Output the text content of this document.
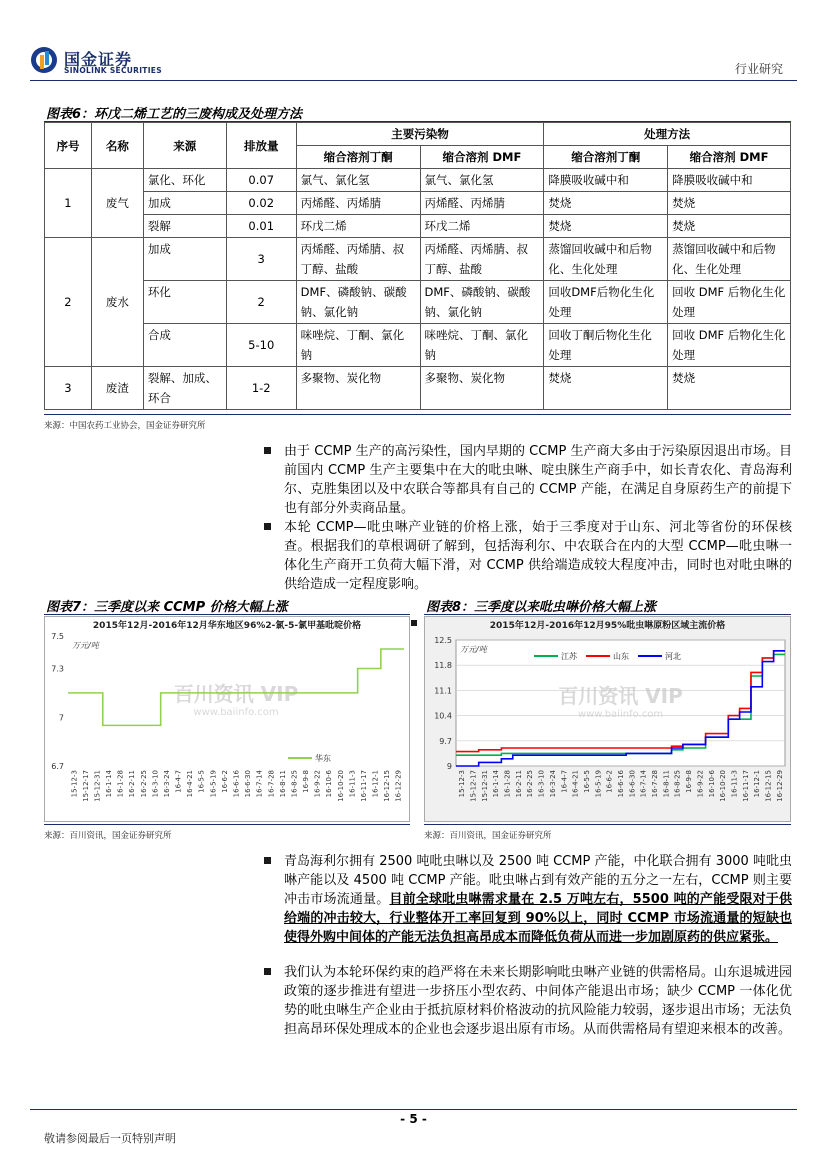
国金证券
SINOLINK SECURITIES	行业研究
图表6：环戊二烯工艺的三废构成及处理方法
序号	名称	来源	排放量	主要污染物		处理方法	
				缩合溶剂丁酮	缩合溶剂 DMF	缩合溶剂丁酮	缩合溶剂 DMF
1	废气	氯化、环化	0.07	氯气、氯化氢	氯气、氯化氢	降膜吸收碱中和	降膜吸收碱中和
		加成	0.02	丙烯醛、丙烯腈	丙烯醛、丙烯腈	焚烧	焚烧
		裂解	0.01	环戊二烯	环戊二烯	焚烧	焚烧
2	废水	加成	3	丙烯醛、丙烯腈、叔丁醇、盐酸	丙烯醛、丙烯腈、叔丁醇、盐酸	蒸馏回收碱中和后物化、生化处理	蒸馏回收碱中和后物化、生化处理
		环化	2	DMF、磷酸钠、碳酸钠、氯化钠	DMF、磷酸钠、碳酸钠、氯化钠	回收DMF后物化生化处理	回收 DMF 后物化生化处理
		合成	5-10	咪唑烷、丁酮、氯化钠	咪唑烷、丁酮、氯化钠	回收丁酮后物化生化处理	回收 DMF 后物化生化处理
3	废渣	裂解、加成、环合	1-2	多聚物、炭化物	多聚物、炭化物	焚烧	焚烧
来源：中国农药工业协会，国金证券研究所
由于 CCMP 生产的高污染性，国内早期的 CCMP 生产商大多由于污染原因退出市场。目前国内 CCMP 生产主要集中在大的吡虫啉、啶虫脒生产商手中，如长青农化、青岛海利尔、克胜集团以及中农联合等都具有自己的 CCMP 产能，在满足自身原药生产的前提下也有部分外卖商品量。
本轮 CCMP—吡虫啉产业链的价格上涨，始于三季度对于山东、河北等省份的环保核查。根据我们的草根调研了解到，包括海利尔、中农联合在内的大型 CCMP—吡虫啉一体化生产商开工负荷大幅下滑，对 CCMP 供给端造成较大程度冲击，同时也对吡虫啉的供给造成一定程度影响。
图表7：三季度以来 CCMP 价格大幅上涨
2015年12月-2016年12月华东地区96%2-氯-5-氯甲基吡啶价格
7.5
7.3
7
6.7
万元/吨
百川资讯 VIP
www.baiinfo.com
15-12-3 15-12-17 15-12-31 16-1-14 16-1-28 16-2-11 16-2-25 16-3-10 16-3-24 16-4-7 16-4-21 16-5-5 16-5-19 16-6-2 16-6-16 16-6-30 16-7-14 16-7-28 16-8-11 16-8-25 16-9-8 16-9-22 16-10-6 16-10-20 16-11-3 16-11-17 16-12-1 16-12-15 16-12-29
华东
来源：百川资讯，国金证券研究所
图表8：三季度以来吡虫啉价格大幅上涨
2015年12月-2016年12月95%吡虫啉原粉区域主流价格
12.5
11.8
11.1
10.4
9.7
9
万元/吨
百川资讯 VIP
www.baiinfo.com
15-12-3 15-12-17 15-12-31 16-1-14 16-1-28 16-2-11 16-2-25 16-3-10 16-3-24 16-4-7 16-4-21 16-5-5 16-5-19 16-6-2 16-6-16 16-6-30 16-7-14 16-7-28 16-8-11 16-8-25 16-9-8 16-9-22 16-10-6 16-10-20 16-11-3 16-11-17 16-12-1 16-12-15 16-12-29
江苏	山东	河北
来源：百川资讯，国金证券研究所
青岛海利尔拥有 2500 吨吡虫啉以及 2500 吨 CCMP 产能，中化联合拥有 3000 吨吡虫啉产能以及 4500 吨 CCMP 产能。吡虫啉占到有效产能的五分之一左右，CCMP 则主要冲击市场流通量。目前全球吡虫啉需求量在 2.5 万吨左右，5500 吨的产能受限对于供给端的冲击较大，行业整体开工率回复到 90%以上，同时 CCMP 市场流通量的短缺也使得外购中间体的产能无法负担高昂成本而降低负荷从而进一步加剧原药的供应紧张。
我们认为本轮环保约束的趋严将在未来长期影响吡虫啉产业链的供需格局。山东退城进园政策的逐步推进有望进一步挤压小型农药、中间体产能退出市场；缺少 CCMP 一体化优势的吡虫啉生产企业由于抵抗原材料价格波动的抗风险能力较弱，逐步退出市场；无法负担高昂环保处理成本的企业也会逐步退出原有市场。从而供需格局有望迎来根本的改善。
- 5 -
敬请参阅最后一页特别声明
